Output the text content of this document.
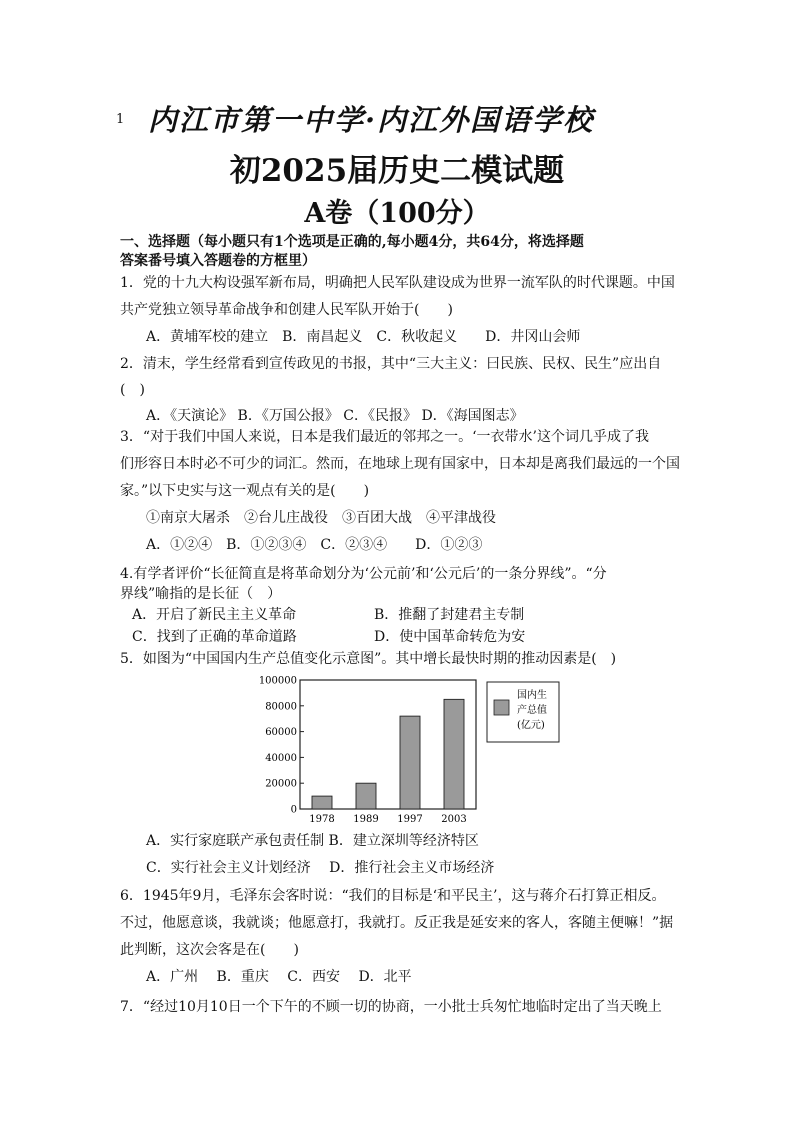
1 内江市第一中学·内江外国语学校
初2025届历史二模试题
A卷（100分）
一、选择题（每小题只有1个选项是正确的,每小题4分，共64分，将选择题
答案番号填入答题卷的方框里）
1．党的十九大构设强军新布局，明确把人民军队建设成为世界一流军队的时代课题。中国
共产党独立领导革命战争和创建人民军队开始于(　　)
A．黄埔军校的建立　B．南昌起义　C．秋收起义　　D．井冈山会师
2．清末，学生经常看到宣传政见的书报，其中“三大主义：曰民族、民权、民生”应出自
(　)
A．《天演论》 B．《万国公报》 C．《民报》 D．《海国图志》
3．“对于我们中国人来说，日本是我们最近的邻邦之一。‘一衣带水’这个词几乎成了我
们形容日本时必不可少的词汇。然而，在地球上现有国家中，日本却是离我们最远的一个国
家。”以下史实与这一观点有关的是(　　)
①南京大屠杀　②台儿庄战役　③百团大战　④平津战役
A．①②④　B．①②③④　C．②③④　　D．①②③
4.有学者评价“长征简直是将革命划分为‘公元前’和‘公元后’的一条分界线”。“分
界线”喻指的是长征（　）
A．开启了新民主主义革命	B．推翻了封建君主专制
C．找到了正确的革命道路	D．使中国革命转危为安
5．如图为“中国国内生产总值变化示意图”。其中增长最快时期的推动因素是(　)
0
20000
40000
60000
80000
100000
1978 1989 1997 2003
国内生
产总值
(亿元)
A．实行家庭联产承包责任制 B．建立深圳等经济特区
C．实行社会主义计划经济　 D．推行社会主义市场经济
6．1945年9月，毛泽东会客时说：“我们的目标是‘和平民主’，这与蒋介石打算正相反。
不过，他愿意谈，我就谈；他愿意打，我就打。反正我是延安来的客人，客随主便嘛！”据
此判断，这次会客是在(　　)
A．广州　 B．重庆　 C．西安　 D．北平
7．“经过10月10日一个下午的不顾一切的协商，一小批士兵匆忙地临时定出了当天晚上
